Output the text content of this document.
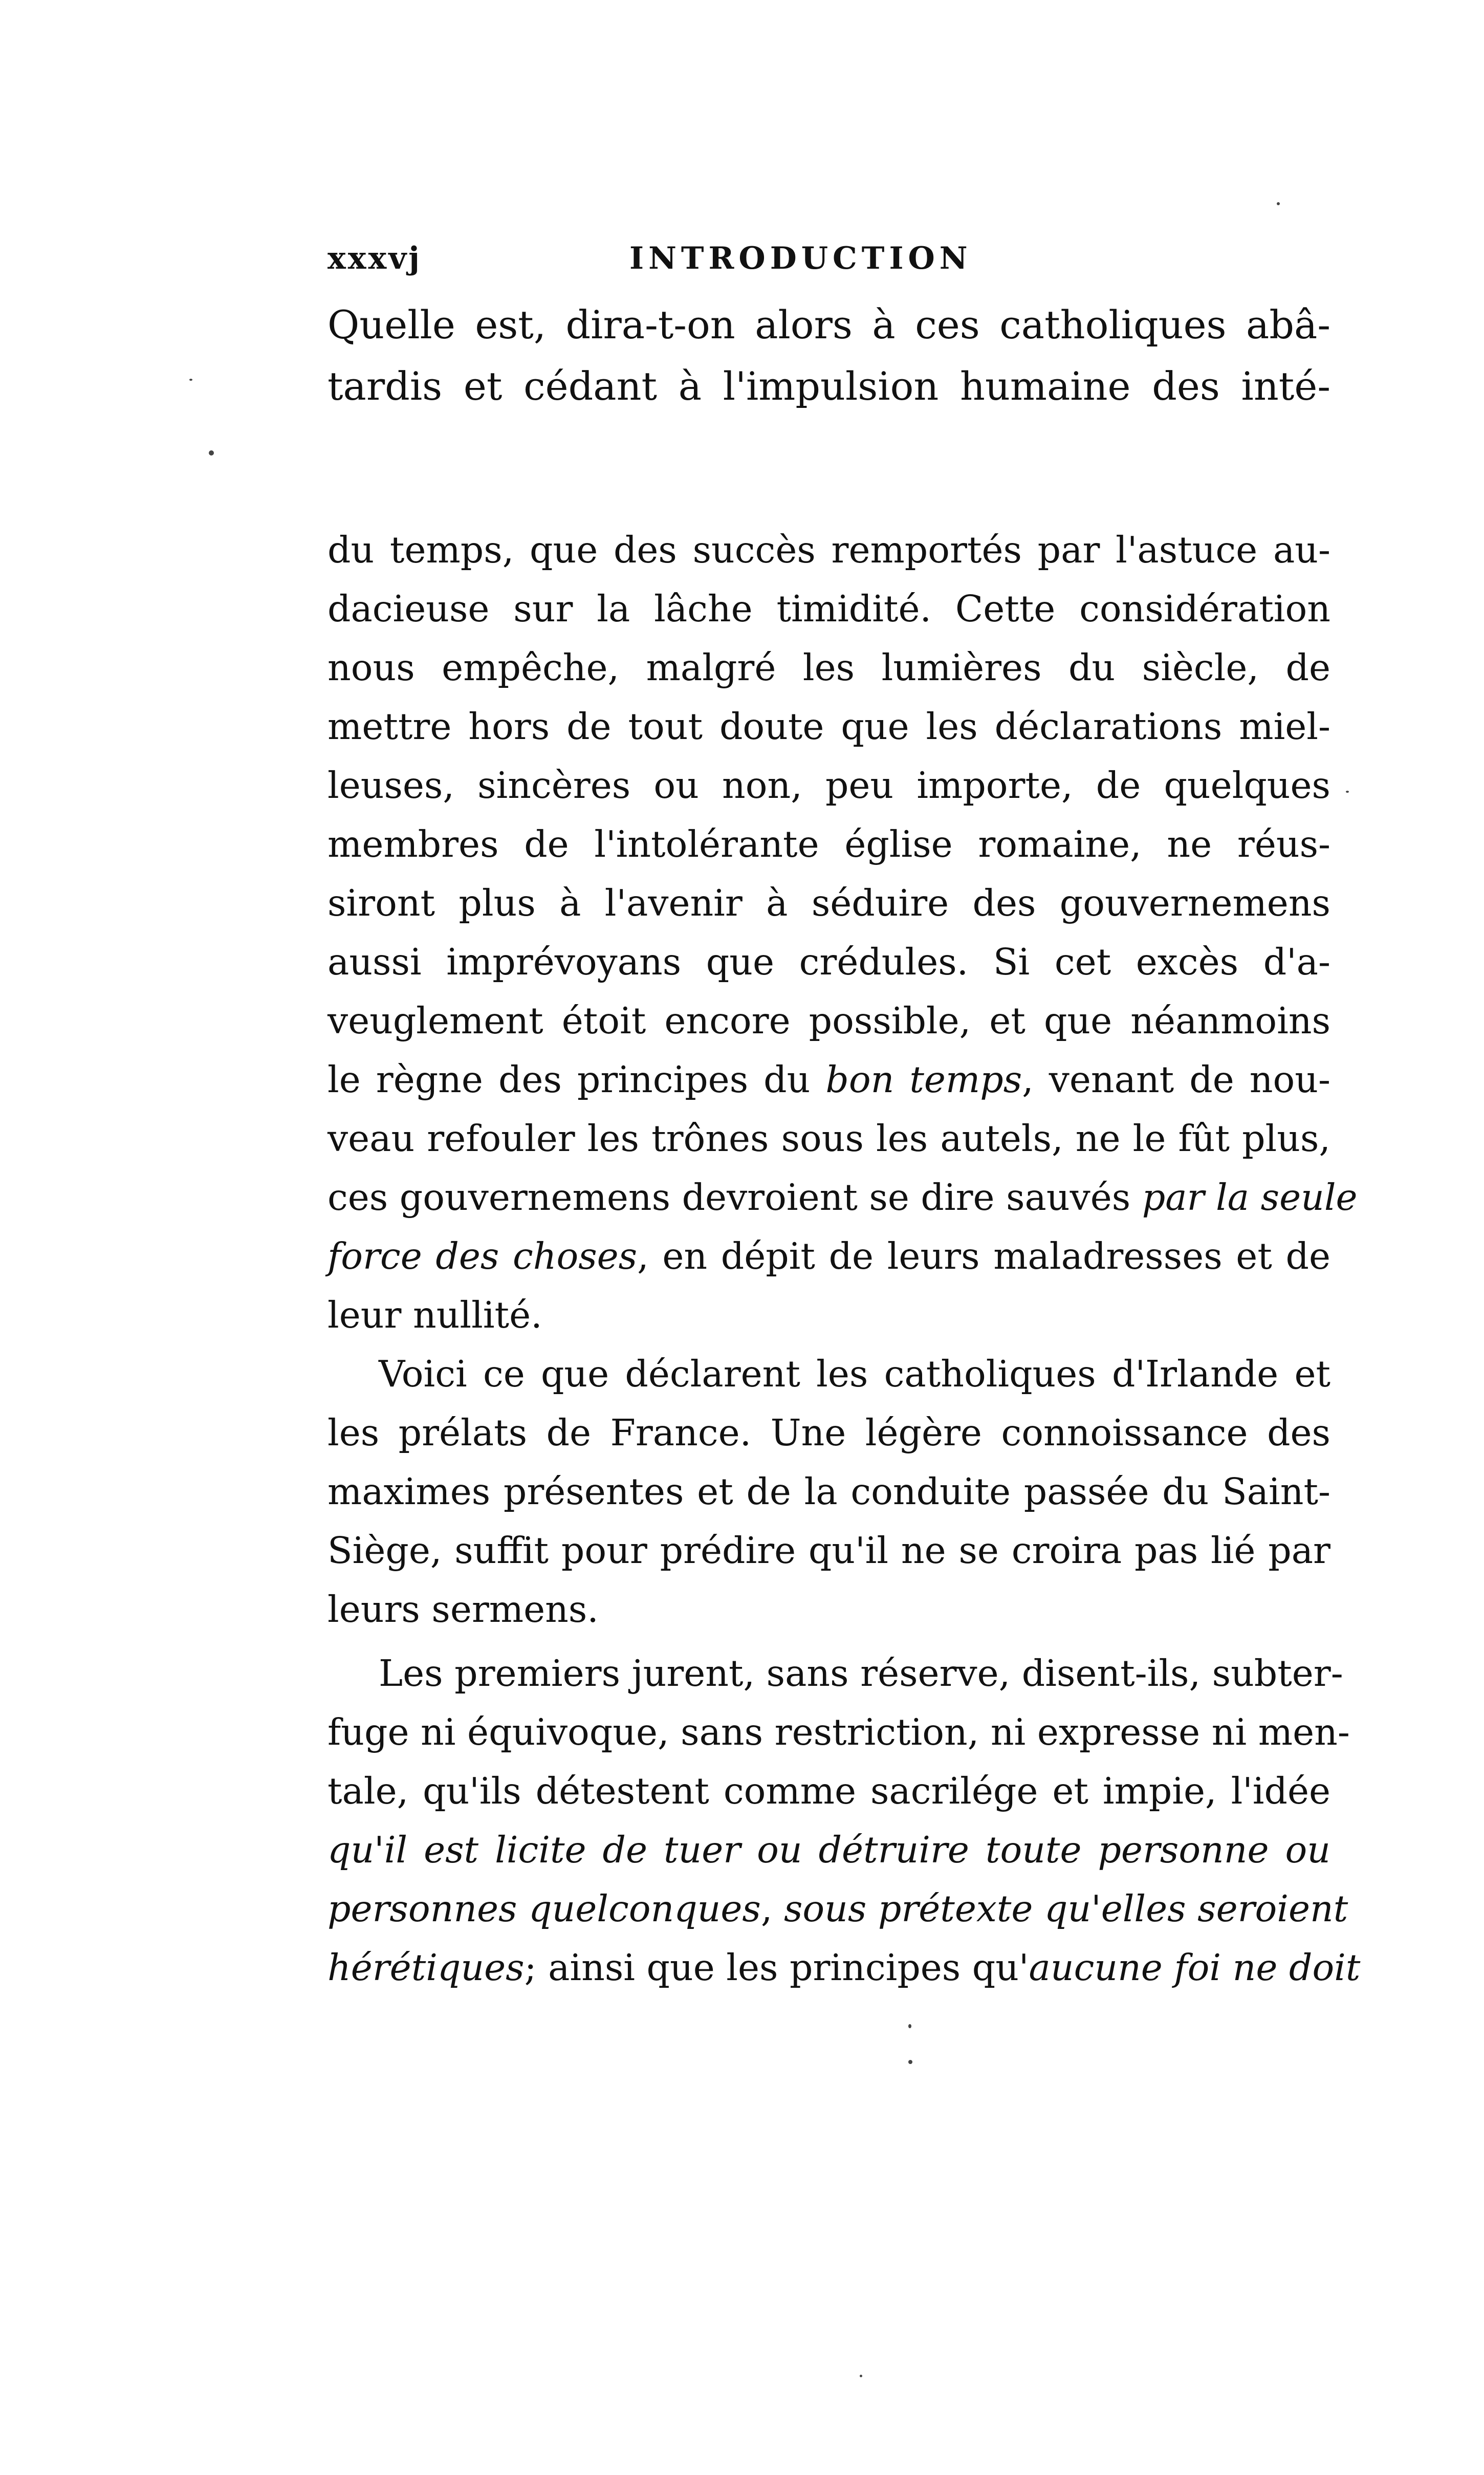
xxxvj	INTRODUCTION
Quelle est, dira-t-on alors à ces catholiques abâ-
tardis et cédant à l'impulsion humaine des inté-
du temps, que des succès remportés par l'astuce au-
dacieuse sur la lâche timidité. Cette considération
nous empêche, malgré les lumières du siècle, de
mettre hors de tout doute que les déclarations miel-
leuses, sincères ou non, peu importe, de quelques
membres de l'intolérante église romaine, ne réus-
siront plus à l'avenir à séduire des gouvernemens
aussi imprévoyans que crédules. Si cet excès d'a-
veuglement étoit encore possible, et que néanmoins
le règne des principes du bon temps, venant de nou-
veau refouler les trônes sous les autels, ne le fût plus,
ces gouvernemens devroient se dire sauvés par la seule
force des choses, en dépit de leurs maladresses et de
leur nullité.
Voici ce que déclarent les catholiques d'Irlande et
les prélats de France. Une légère connoissance des
maximes présentes et de la conduite passée du Saint-
Siège, suffit pour prédire qu'il ne se croira pas lié par
leurs sermens.
Les premiers jurent, sans réserve, disent-ils, subter-
fuge ni équivoque, sans restriction, ni expresse ni men-
tale, qu'ils détestent comme sacrilége et impie, l'idée
qu'il est licite de tuer ou détruire toute personne ou
personnes quelconques, sous prétexte qu'elles seroient
hérétiques; ainsi que les principes qu'aucune foi ne doit
